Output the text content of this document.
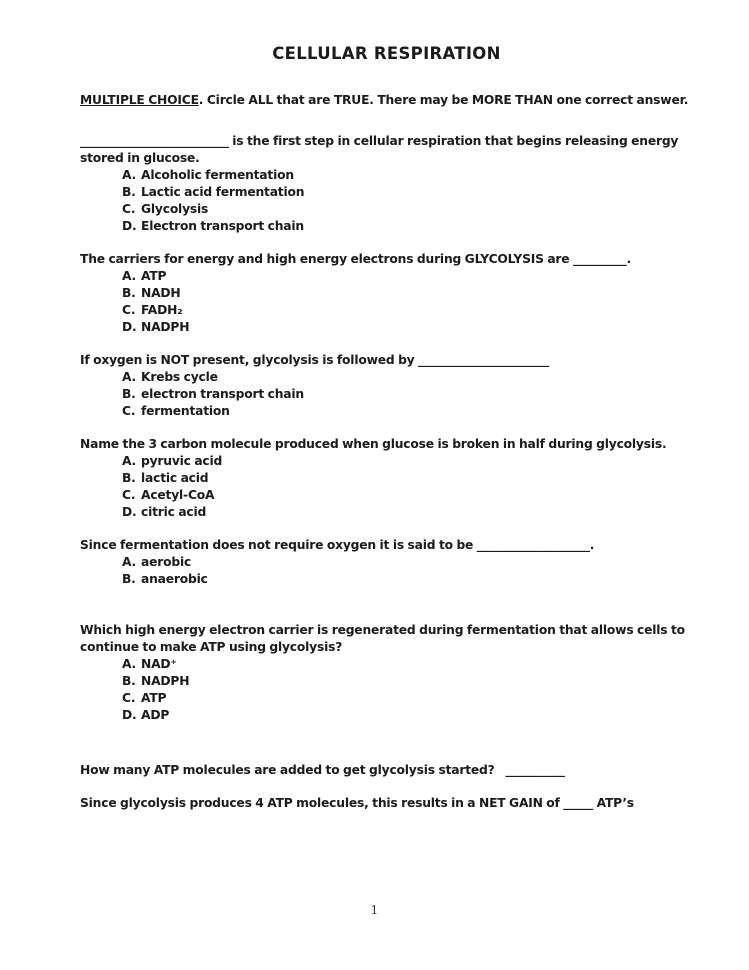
CELLULAR RESPIRATION

MULTIPLE CHOICE. Circle ALL that are TRUE. There may be MORE THAN one correct answer.

_________________________ is the first step in cellular respiration that begins releasing energy stored in glucose.

A. Alcoholic fermentation
B. Lactic acid fermentation
C. Glycolysis
D. Electron transport chain

The carriers for energy and high energy electrons during GLYCOLYSIS are _________.

A. ATP
B. NADH
C. FADH₂
D. NADPH

If oxygen is NOT present, glycolysis is followed by ______________________

A. Krebs cycle
B. electron transport chain
C. fermentation

Name the 3 carbon molecule produced when glucose is broken in half during glycolysis.

A. pyruvic acid
B. lactic acid
C. Acetyl-CoA
D. citric acid

Since fermentation does not require oxygen it is said to be ___________________.

A. aerobic
B. anaerobic

Which high energy electron carrier is regenerated during fermentation that allows cells to continue to make ATP using glycolysis?

A. NAD⁺
B. NADPH
C. ATP
D. ADP

How many ATP molecules are added to get glycolysis started?   __________

Since glycolysis produces 4 ATP molecules, this results in a NET GAIN of _____ ATP’s

1
